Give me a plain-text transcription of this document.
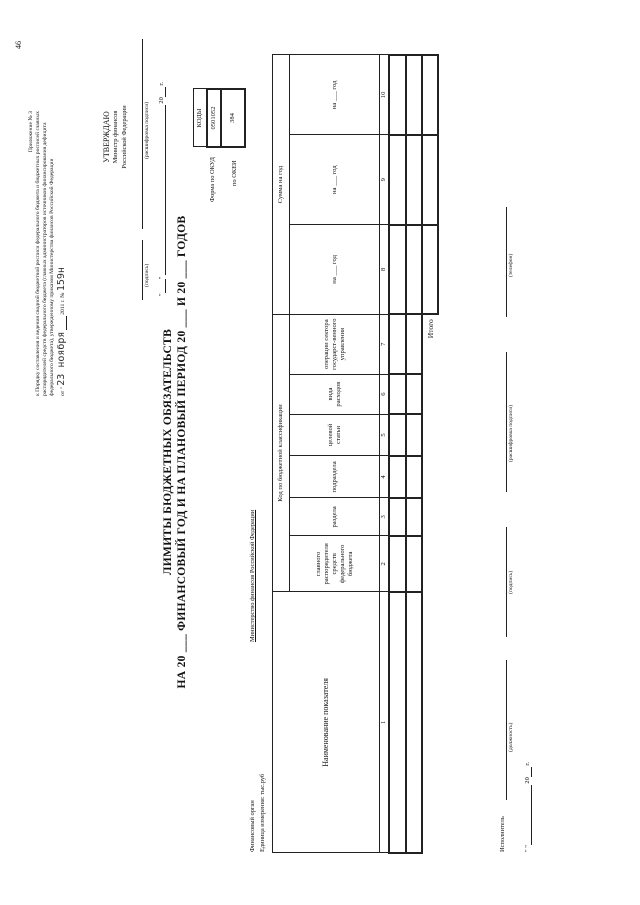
46
Приложение № 3 к Порядку составления и ведения сводной бюджетной росписи федерального бюджета и бюджетных росписей главных распорядителей средств федерального бюджета (главных администраторов источников финансирования дефицита федерального бюджета), утвержденному приказом Министерства финансов Российской Федерации от " 23 ноября  2011 г. № 159н
УТВЕРЖДАЮ Министр финансов Российской Федерации
(подпись)
(расшифровка подписи)
""  20 г.
ЛИМИТЫ БЮДЖЕТНЫХ ОБЯЗАТЕЛЬСТВ НА 20 ___ ФИНАНСОВЫЙ ГОД И НА ПЛАНОВЫЙ ПЕРИОД 20 ___ И 20 ___ ГОДОВ
КОДЫ
0501052
384
Форма по ОКУД по ОКЕИ
Финансовый орган
Министерство финансов Российской Федерации
Единица измерения: тыс.руб
Наименование показателя	Код по бюджетной классификации						Сумма на год		
	главного распорядителя средств федерального бюджета	раздела	подраздела	целевой статьи	вида расходов	операции сектора государст-венного управления	на ___ год	на ___ год	на ___ год
1	2	3	4	5	6	7	8	9	10

Итого									
Исполнитель
(должность)
(подпись)
(расшифровка подписи)
(телефон)
" " 20 г.
